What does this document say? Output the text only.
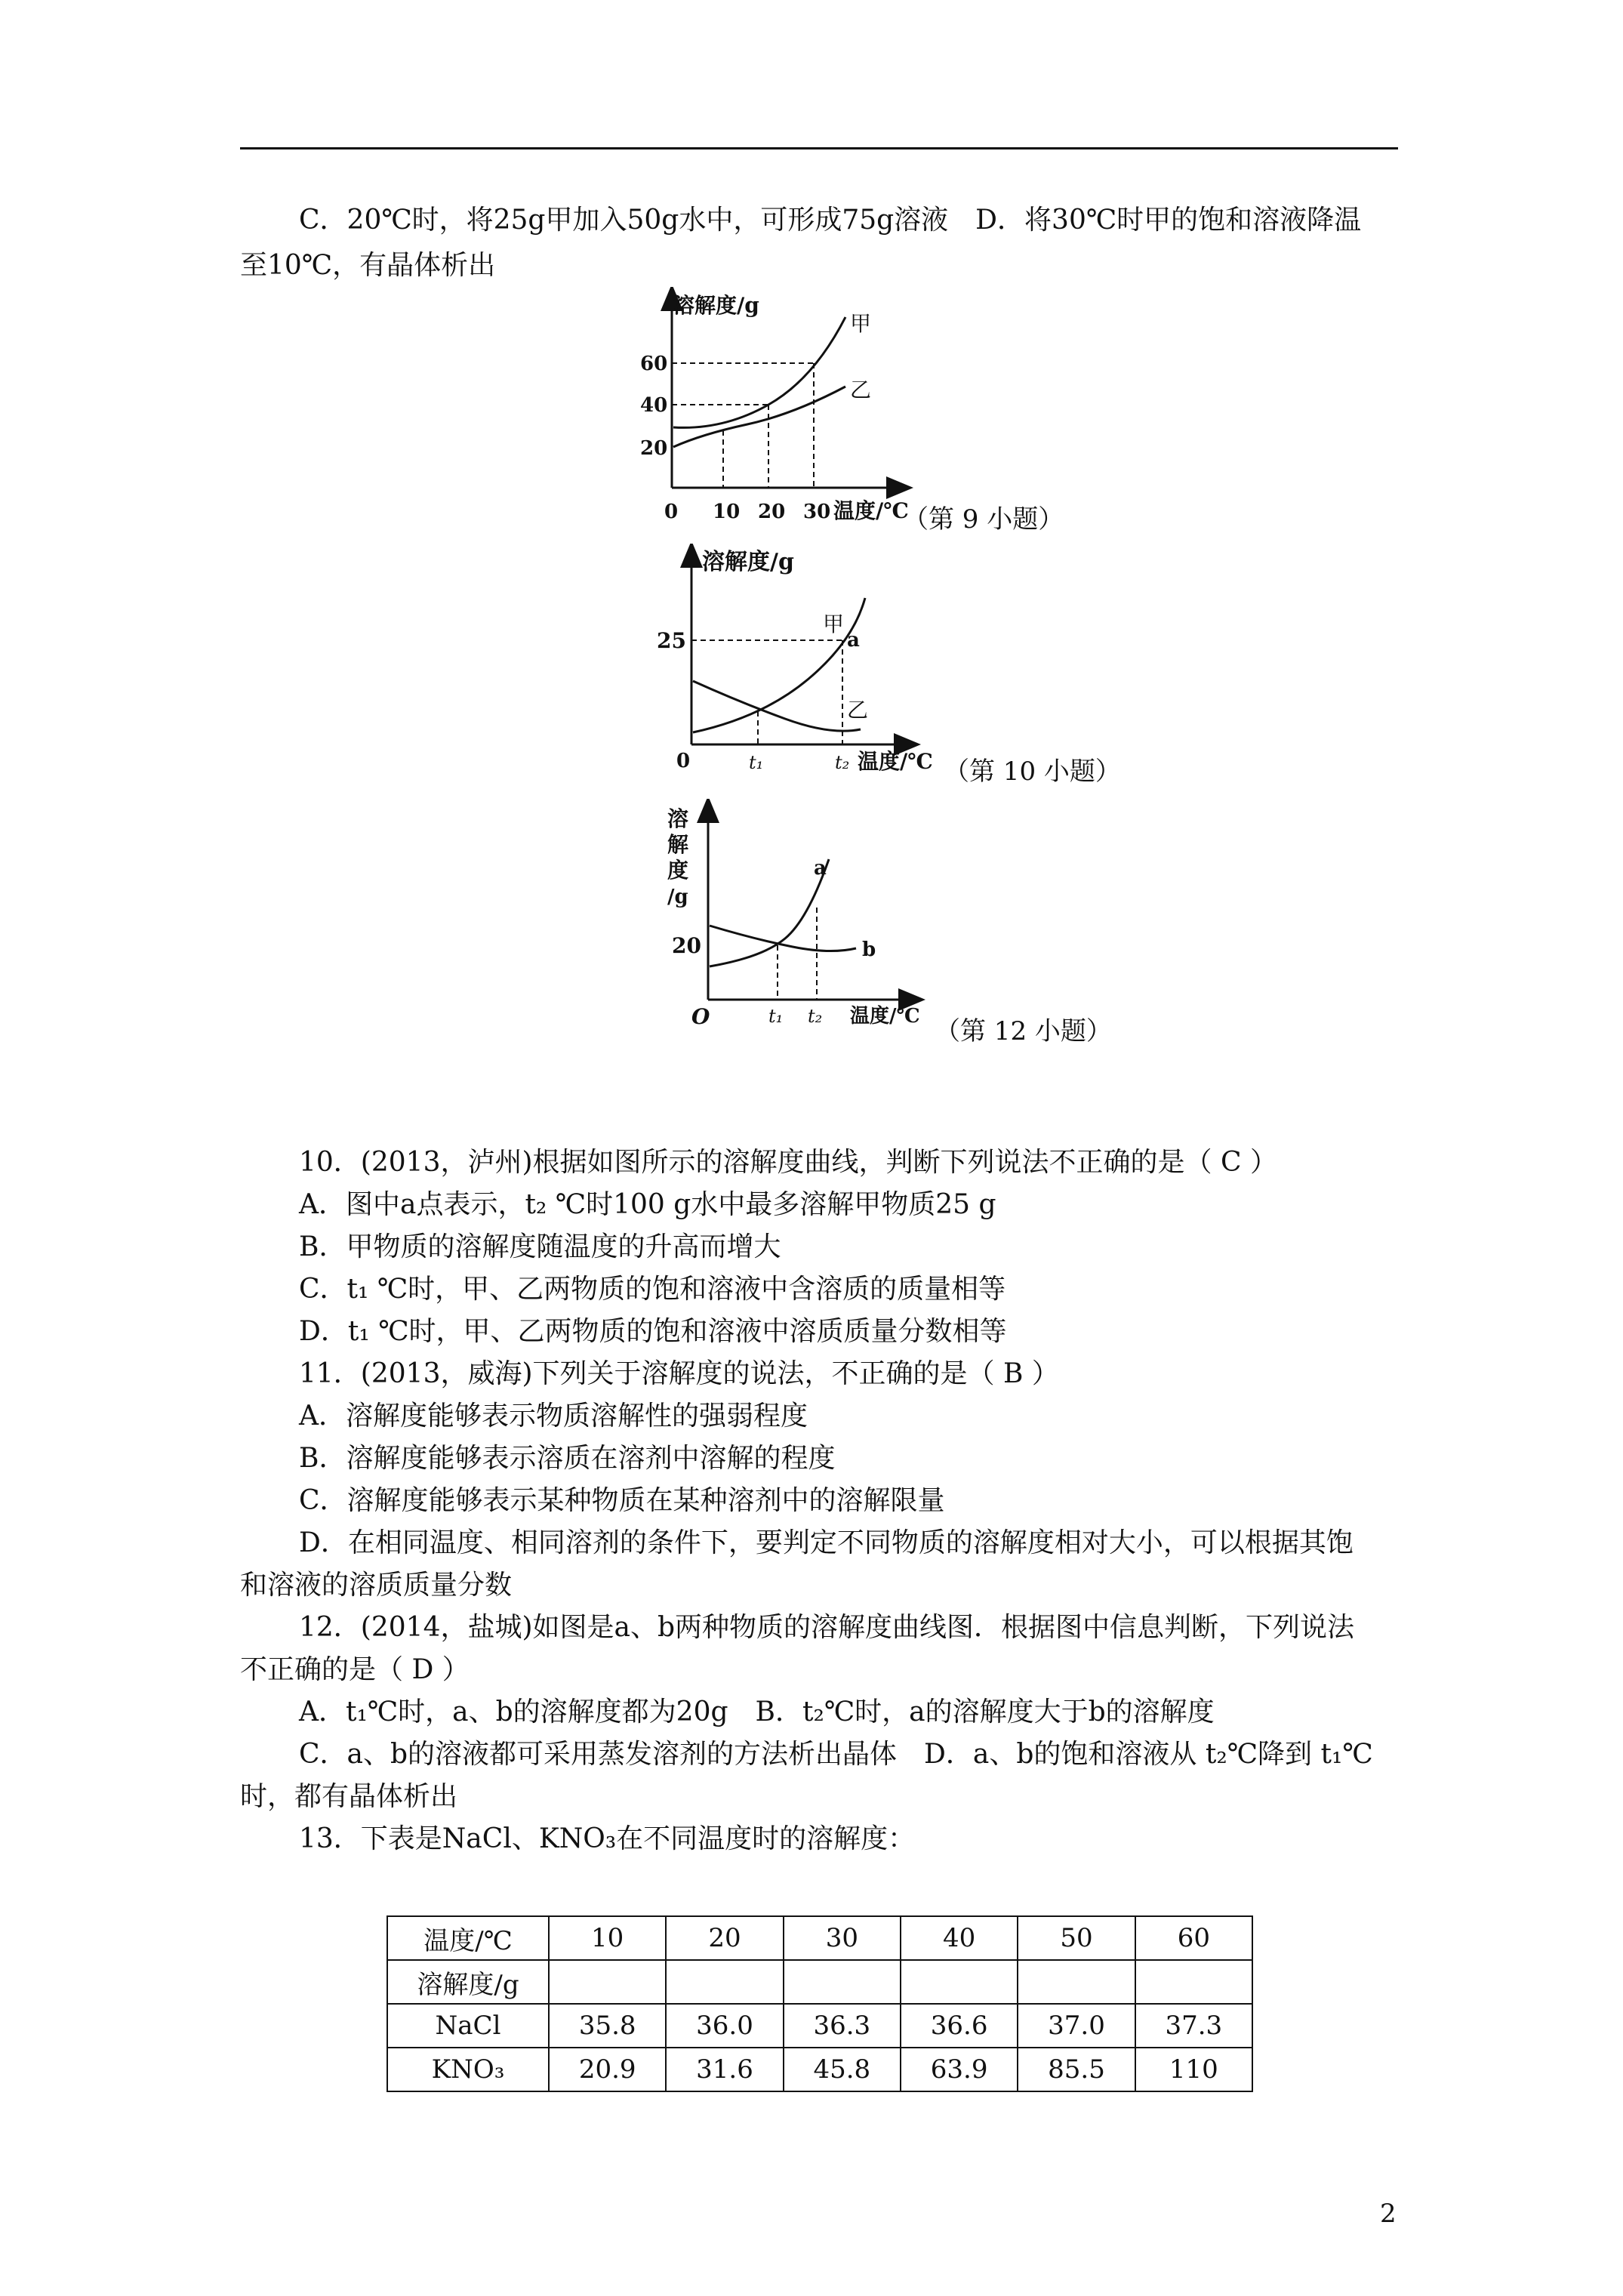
C．20℃时，将25g甲加入50g水中，可形成75g溶液　D．将30℃时甲的饱和溶液降温
至10℃，有晶体析出
溶解度/g
60
40
20
0 10 20 30 温度/℃
甲
乙
（第 9 小题）
溶解度/g
25
0	t₁	t₂ 温度/℃
甲
a
乙
（第 10 小题）
溶
解
度
/g
20
O	t₁ t₂ 温度/℃
a
b
（第 12 小题）
10．(2013，泸州)根据如图所示的溶解度曲线，判断下列说法不正确的是（ C ）
A．图中a点表示，t₂ ℃时100 g水中最多溶解甲物质25 g
B．甲物质的溶解度随温度的升高而增大
C．t₁ ℃时，甲、乙两物质的饱和溶液中含溶质的质量相等
D．t₁ ℃时，甲、乙两物质的饱和溶液中溶质质量分数相等
11．(2013，威海)下列关于溶解度的说法，不正确的是（ B ）
A．溶解度能够表示物质溶解性的强弱程度
B．溶解度能够表示溶质在溶剂中溶解的程度
C．溶解度能够表示某种物质在某种溶剂中的溶解限量
D．在相同温度、相同溶剂的条件下，要判定不同物质的溶解度相对大小，可以根据其饱
和溶液的溶质质量分数
12．(2014，盐城)如图是a、b两种物质的溶解度曲线图．根据图中信息判断，下列说法
不正确的是（ D ）
A．t₁℃时，a、b的溶解度都为20g　B．t₂℃时，a的溶解度大于b的溶解度
C．a、b的溶液都可采用蒸发溶剂的方法析出晶体　D．a、b的饱和溶液从 t₂℃降到 t₁℃
时，都有晶体析出
13．下表是NaCl、KNO₃在不同温度时的溶解度：
温度/℃	10	20	30	40	50	60
溶解度/g						
NaCl	35.8	36.0	36.3	36.6	37.0	37.3
KNO₃	20.9	31.6	45.8	63.9	85.5	110
2
